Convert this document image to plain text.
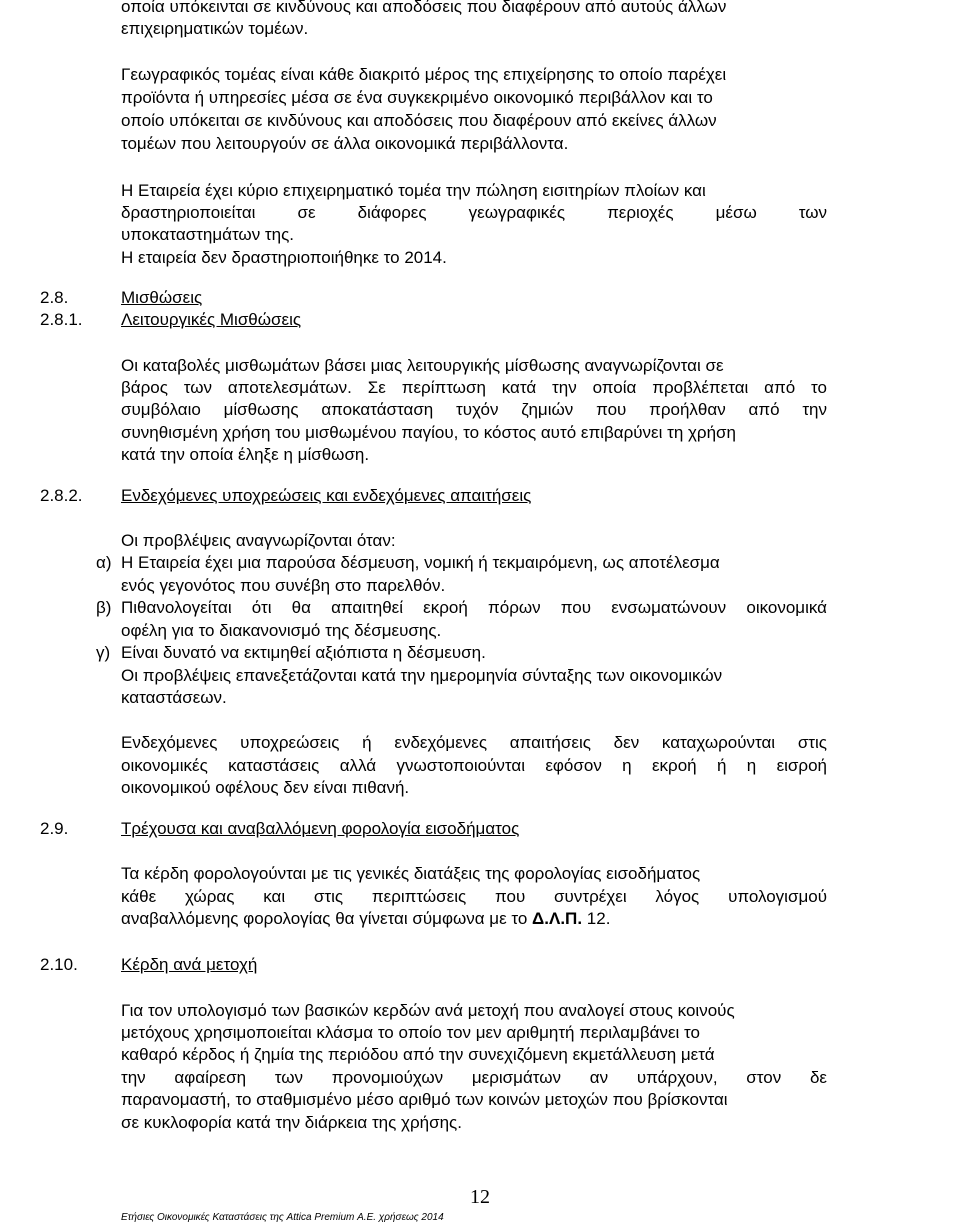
οποία υπόκεινται σε κινδύνους και αποδόσεις που διαφέρουν από αυτούς άλλων
επιχειρηματικών τομέων.
Γεωγραφικός τομέας είναι κάθε διακριτό μέρος της επιχείρησης το οποίο παρέχει
προϊόντα ή υπηρεσίες μέσα σε ένα συγκεκριμένο οικονομικό περιβάλλον και το
οποίο υπόκειται σε κινδύνους και αποδόσεις που διαφέρουν από εκείνες άλλων
τομέων που λειτουργούν σε άλλα οικονομικά περιβάλλοντα.
Η Εταιρεία έχει κύριο επιχειρηματικό τομέα την πώληση εισιτηρίων πλοίων και
δραστηριοποιείται σε διάφορες γεωγραφικές περιοχές μέσω των
υποκαταστημάτων της.
Η εταιρεία δεν δραστηριοποιήθηκε το 2014.
2.8.	Μισθώσεις
2.8.1. Λειτουργικές Μισθώσεις
Οι καταβολές μισθωμάτων βάσει μιας λειτουργικής μίσθωσης αναγνωρίζονται σε
βάρος των αποτελεσμάτων. Σε περίπτωση κατά την οποία προβλέπεται από το
συμβόλαιο μίσθωσης αποκατάσταση τυχόν ζημιών που προήλθαν από την
συνηθισμένη χρήση του μισθωμένου παγίου, το κόστος αυτό επιβαρύνει τη χρήση
κατά την οποία έληξε η μίσθωση.
2.8.2. Ενδεχόμενες υποχρεώσεις και ενδεχόμενες απαιτήσεις
Οι προβλέψεις αναγνωρίζονται όταν:
α) Η Εταιρεία έχει μια παρούσα δέσμευση, νομική ή τεκμαιρόμενη, ως αποτέλεσμα
ενός γεγονότος που συνέβη στο παρελθόν.
β) Πιθανολογείται ότι θα απαιτηθεί εκροή πόρων που ενσωματώνουν οικονομικά
οφέλη για το διακανονισμό της δέσμευσης.
γ) Είναι δυνατό να εκτιμηθεί αξιόπιστα η δέσμευση.
Οι προβλέψεις επανεξετάζονται κατά την ημερομηνία σύνταξης των οικονομικών
καταστάσεων.
Ενδεχόμενες υποχρεώσεις ή ενδεχόμενες απαιτήσεις δεν καταχωρούνται στις
οικονομικές καταστάσεις αλλά γνωστοποιούνται εφόσον η εκροή ή η εισροή
οικονομικού οφέλους δεν είναι πιθανή.
2.9.	Τρέχουσα και αναβαλλόμενη φορολογία εισοδήματος
Τα κέρδη φορολογούνται με τις γενικές διατάξεις της φορολογίας εισοδήματος
κάθε χώρας και στις περιπτώσεις που συντρέχει λόγος υπολογισμού
αναβαλλόμενης φορολογίας θα γίνεται σύμφωνα με το Δ.Λ.Π. 12.
2.10.	Κέρδη ανά μετοχή
Για τον υπολογισμό των βασικών κερδών ανά μετοχή που αναλογεί στους κοινούς
μετόχους χρησιμοποιείται κλάσμα το οποίο τον μεν αριθμητή περιλαμβάνει το
καθαρό κέρδος ή ζημία της περιόδου από την συνεχιζόμενη εκμετάλλευση μετά
την αφαίρεση των προνομιούχων μερισμάτων αν υπάρχουν, στον δε
παρανομαστή, το σταθμισμένο μέσο αριθμό των κοινών μετοχών που βρίσκονται
σε κυκλοφορία κατά την διάρκεια της χρήσης.
12
Ετήσιες Οικονομικές Καταστάσεις της Attica Premium Α.Ε. χρήσεως 2014
